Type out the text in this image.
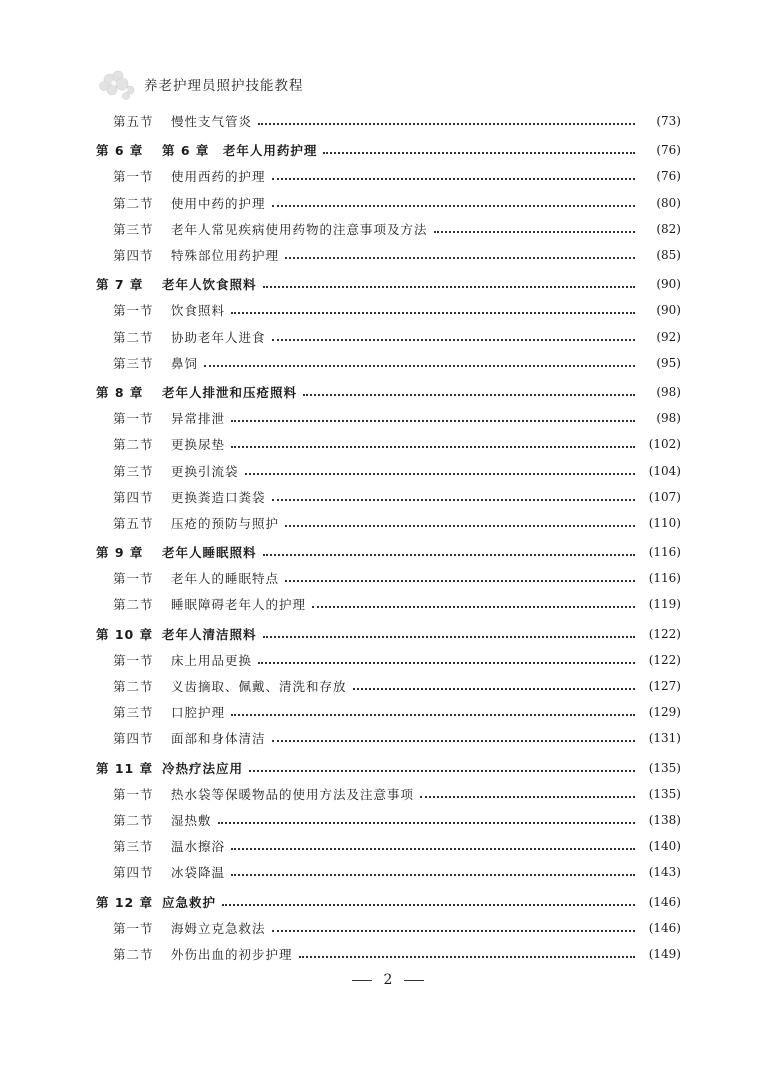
养老护理员照护技能教程
第五节	慢性支气管炎	(73)
第 6 章	第 6 章　老年人用药护理	(76)
第一节	使用西药的护理	(76)
第二节	使用中药的护理	(80)
第三节	老年人常见疾病使用药物的注意事项及方法	(82)
第四节	特殊部位用药护理	(85)
第 7 章	老年人饮食照料	(90)
第一节	饮食照料	(90)
第二节	协助老年人进食	(92)
第三节	鼻饲	(95)
第 8 章	老年人排泄和压疮照料	(98)
第一节	异常排泄	(98)
第二节	更换尿垫	(102)
第三节	更换引流袋	(104)
第四节	更换粪造口粪袋	(107)
第五节	压疮的预防与照护	(110)
第 9 章	老年人睡眠照料	(116)
第一节	老年人的睡眠特点	(116)
第二节	睡眠障碍老年人的护理	(119)
第 10 章 老年人清洁照料	(122)
第一节	床上用品更换	(122)
第二节	义齿摘取、佩戴、清洗和存放	(127)
第三节	口腔护理	(129)
第四节	面部和身体清洁	(131)
第 11 章 冷热疗法应用	(135)
第一节	热水袋等保暖物品的使用方法及注意事项	(135)
第二节	湿热敷	(138)
第三节	温水擦浴	(140)
第四节	冰袋降温	(143)
第 12 章 应急救护	(146)
第一节	海姆立克急救法	(146)
第二节	外伤出血的初步护理	(149)
2
